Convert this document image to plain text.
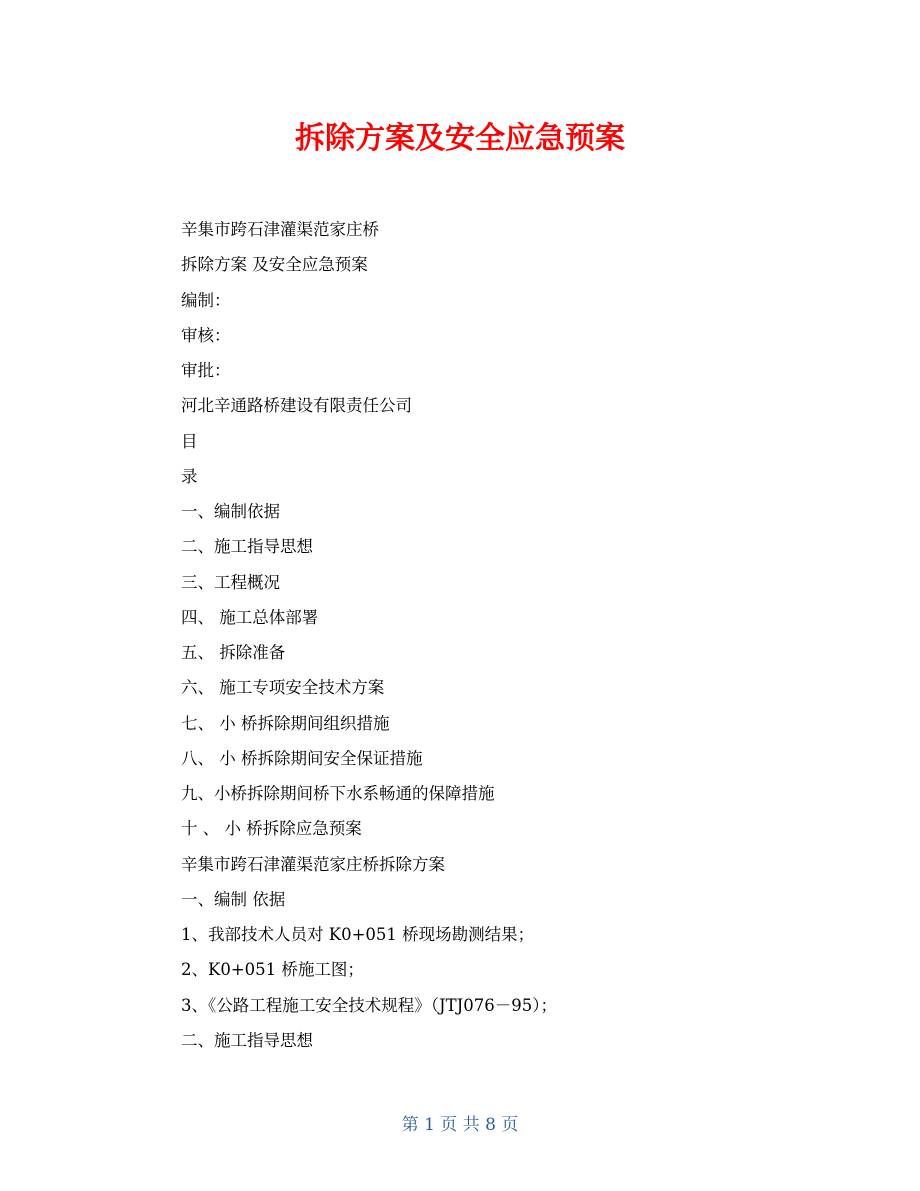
拆除方案及安全应急预案

辛集市跨石津灌渠范家庄桥

拆除方案 及安全应急预案

编制：

审核：

审批：

河北辛通路桥建设有限责任公司

目

录

一、编制依据

二、施工指导思想

三、工程概况

四、 施工总体部署

五、 拆除准备

六、 施工专项安全技术方案

七、 小 桥拆除期间组织措施

八、 小 桥拆除期间安全保证措施

九、小桥拆除期间桥下水系畅通的保障措施

十 、 小 桥拆除应急预案

辛集市跨石津灌渠范家庄桥拆除方案

一、编制 依据

1、我部技术人员对 K0+051 桥现场勘测结果；

2、K0+051 桥施工图；

3、《公路工程施工安全技术规程》（JTJ076－95）；

二、施工指导思想

第 1 页 共 8 页
